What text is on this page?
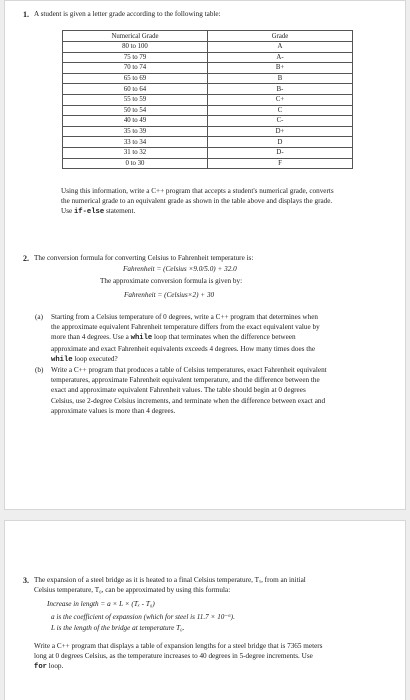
1. A student is given a letter grade according to the following table:
Numerical Grade	Grade
80 to 100	A
75 to 79	A-
70 to 74	B+
65 to 69	B
60 to 64	B-
55 to 59	C+
50 to 54	C
40 to 49	C-
35 to 39	D+
33 to 34	D
31 to 32	D-
0 to 30	F
Using this information, write a C++ program that accepts a student's numerical grade, converts
the numerical grade to an equivalent grade as shown in the table above and displays the grade.
Use if-else statement.
2. The conversion formula for converting Celsius to Fahrenheit temperature is:
Fahrenheit = (Celsius ×9.0/5.0) + 32.0
The approximate conversion formula is given by:
Fahrenheit = (Celsius×2) + 30
(a) Starting from a Celsius temperature of 0 degrees, write a C++ program that determines when
the approximate equivalent Fahrenheit temperature differs from the exact equivalent value by
more than 4 degrees. Use a while loop that terminates when the difference between
approximate and exact Fahrenheit equivalents exceeds 4 degrees. How many times does the
while loop executed?
(b) Write a C++ program that produces a table of Celsius temperatures, exact Fahrenheit equivalent
temperatures, approximate Fahrenheit equivalent temperature, and the difference between the
exact and approximate equivalent Fahrenheit values. The table should begin at 0 degrees
Celsius, use 2-degree Celsius increments, and terminate when the difference between exact and
approximate values is more than 4 degrees.
3. The expansion of a steel bridge as it is heated to a final Celsius temperature, Tₓ, from an initial
Celsius temperature, T₀, can be approximated by using this formula:
Increase in length = a × L × (Tₓ - T₀)
a is the coefficient of expansion (which for steel is 11.7 × 10⁻⁶).
L is the length of the bridge at temperature T₀.
Write a C++ program that displays a table of expansion lengths for a steel bridge that is 7365 meters
long at 0 degrees Celsius, as the temperature increases to 40 degrees in 5-degree increments. Use
for loop.
